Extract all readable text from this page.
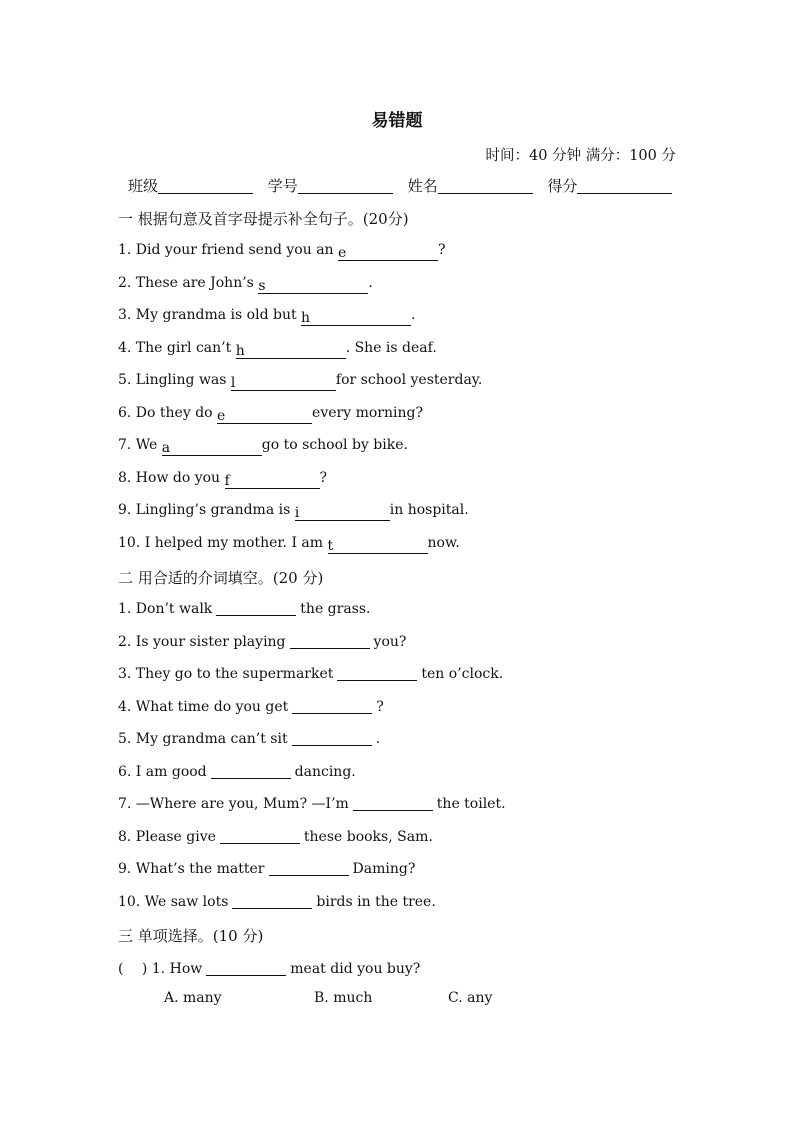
易错题
时间：40 分钟 满分：100 分
班级	学号	姓名	得分
一 根据句意及首字母提示补全句子。(20分)
1. Did your friend send you an e	?
2. These are John’s s	.
3. My grandma is old but h	.
4. The girl can’t h	. She is deaf.
5. Lingling was l	for school yesterday.
6. Do they do e	every morning?
7. We a	go to school by bike.
8. How do you f	?
9. Lingling’s grandma is i	in hospital.
10. I helped my mother. I am t	now.
二 用合适的介词填空。(20 分)
1. Don’t walk	the grass.
2. Is your sister playing	you?
3. They go to the supermarket	ten o’clock.
4. What time do you get	?
5. My grandma can’t sit	.
6. I am good	dancing.
7. —Where are you, Mum? —I’m	the toilet.
8. Please give	these books, Sam.
9. What’s the matter	Daming?
10. We saw lots	birds in the tree.
三 单项选择。(10 分)
(　 ) 1. How	meat did you buy?
A. many	B. much	C. any
